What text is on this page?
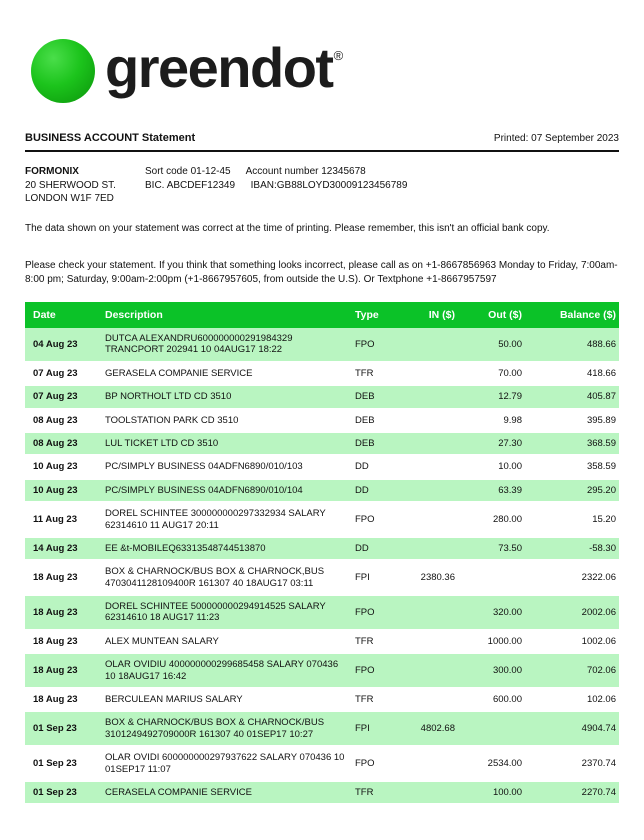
greendot ®
BUSINESS ACCOUNT Statement	Printed: 07 September 2023
FORMONIX
20 SHERWOOD ST.
LONDON W1F 7ED
Sort code 01-12-45 Account number 12345678
BIC. ABCDEF12349 IBAN:GB88LOYD30009123456789

The data shown on your statement was correct at the time of printing. Please remember, this isn't an official bank copy.

Please check your statement. If you think that something looks incorrect, please call as on +1-8667856963 Monday to Friday, 7:00am-8:00 pm; Saturday, 9:00am-2:00pm (+1-8667957605, from outside the U.S). Or Textphone +1-8667957597

Date	Description	Type	IN ($)	Out ($)	Balance ($)
04 Aug 23	DUTCA ALEXANDRU600000000291984329 TRANCPORT 202941 10 04AUG17 18:22	FPO		50.00	488.66
07 Aug 23	GERASELA COMPANIE SERVICE	TFR		70.00	418.66
07 Aug 23	BP NORTHOLT LTD CD 3510	DEB		12.79	405.87
08 Aug 23	TOOLSTATION PARK CD 3510	DEB		9.98	395.89
08 Aug 23	LUL TICKET LTD CD 3510	DEB		27.30	368.59
10 Aug 23	PC/SIMPLY BUSINESS 04ADFN6890/010/103	DD		10.00	358.59
10 Aug 23	PC/SIMPLY BUSINESS 04ADFN6890/010/104	DD		63.39	295.20
11 Aug 23	DOREL SCHINTEE 300000000297332934 SALARY 62314610 11 AUG17 20:11	FPO		280.00	15.20
14 Aug 23	EE &t-MOBILEQ63313548744513870	DD		73.50	-58.30
18 Aug 23	BOX & CHARNOCK/BUS BOX & CHARNOCK,BUS 4703041128109400R 161307 40 18AUG17 03:11	FPI	2380.36		2322.06
18 Aug 23	DOREL SCHINTEE 500000000294914525 SALARY 62314610 18 AUG17 11:23	FPO		320.00	2002.06
18 Aug 23	ALEX MUNTEAN SALARY	TFR		1000.00	1002.06
18 Aug 23	OLAR OVIDIU 400000000299685458 SALARY 070436 10 18AUG17 16:42	FPO		300.00	702.06
18 Aug 23	BERCULEAN MARIUS SALARY	TFR		600.00	102.06
01 Sep 23	BOX & CHARNOCK/BUS BOX & CHARNOCK/BUS 3101249492709000R 161307 40 01SEP17 10:27	FPI	4802.68		4904.74
01 Sep 23	OLAR OVIDI 600000000297937622 SALARY 070436 10 01SEP17 11:07	FPO		2534.00	2370.74
01 Sep 23	CERASELA COMPANIE SERVICE	TFR		100.00	2270.74
